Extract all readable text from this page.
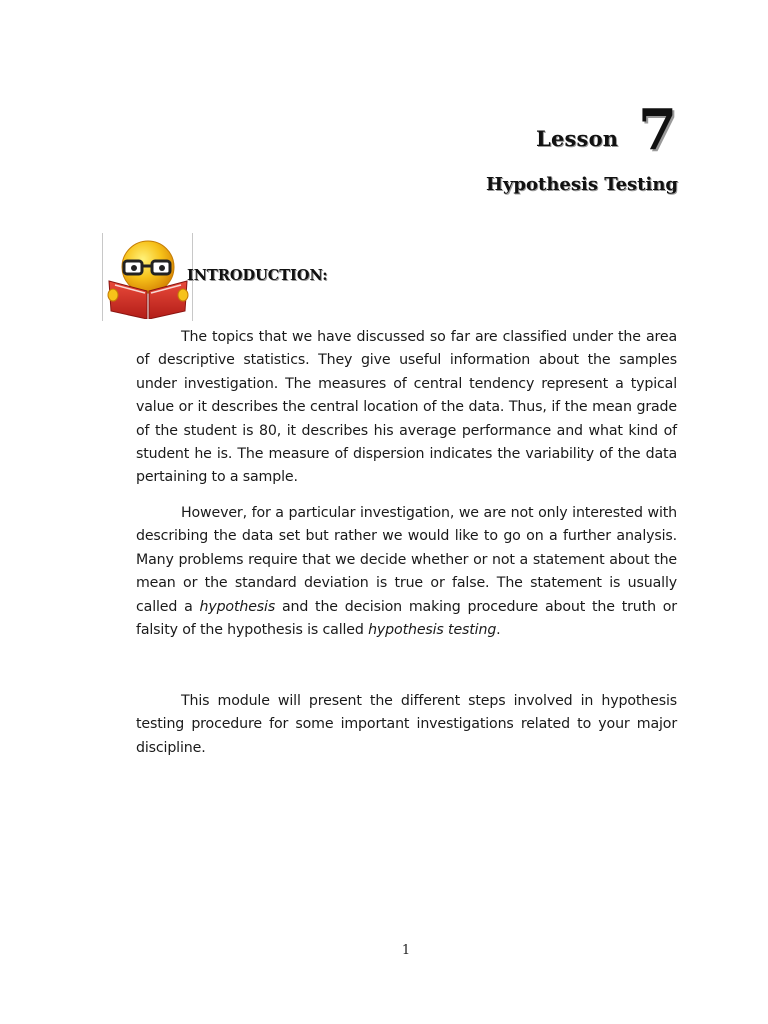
Lesson 7
Hypothesis Testing
INTRODUCTION:

The topics that we have discussed so far are classified under the area of descriptive statistics. They give useful information about the samples under investigation. The measures of central tendency represent a typical value or it describes the central location of the data. Thus, if the mean grade of the student is 80, it describes his average performance and what kind of student he is. The measure of dispersion indicates the variability of the data pertaining to a sample.

However, for a particular investigation, we are not only interested with describing the data set but rather we would like to go on a further analysis. Many problems require that we decide whether or not a statement about the mean or the standard deviation is true or false. The statement is usually called a hypothesis and the decision making procedure about the truth or falsity of the hypothesis is called hypothesis testing.

This module will present the different steps involved in hypothesis testing procedure for some important investigations related to your major discipline.

1
